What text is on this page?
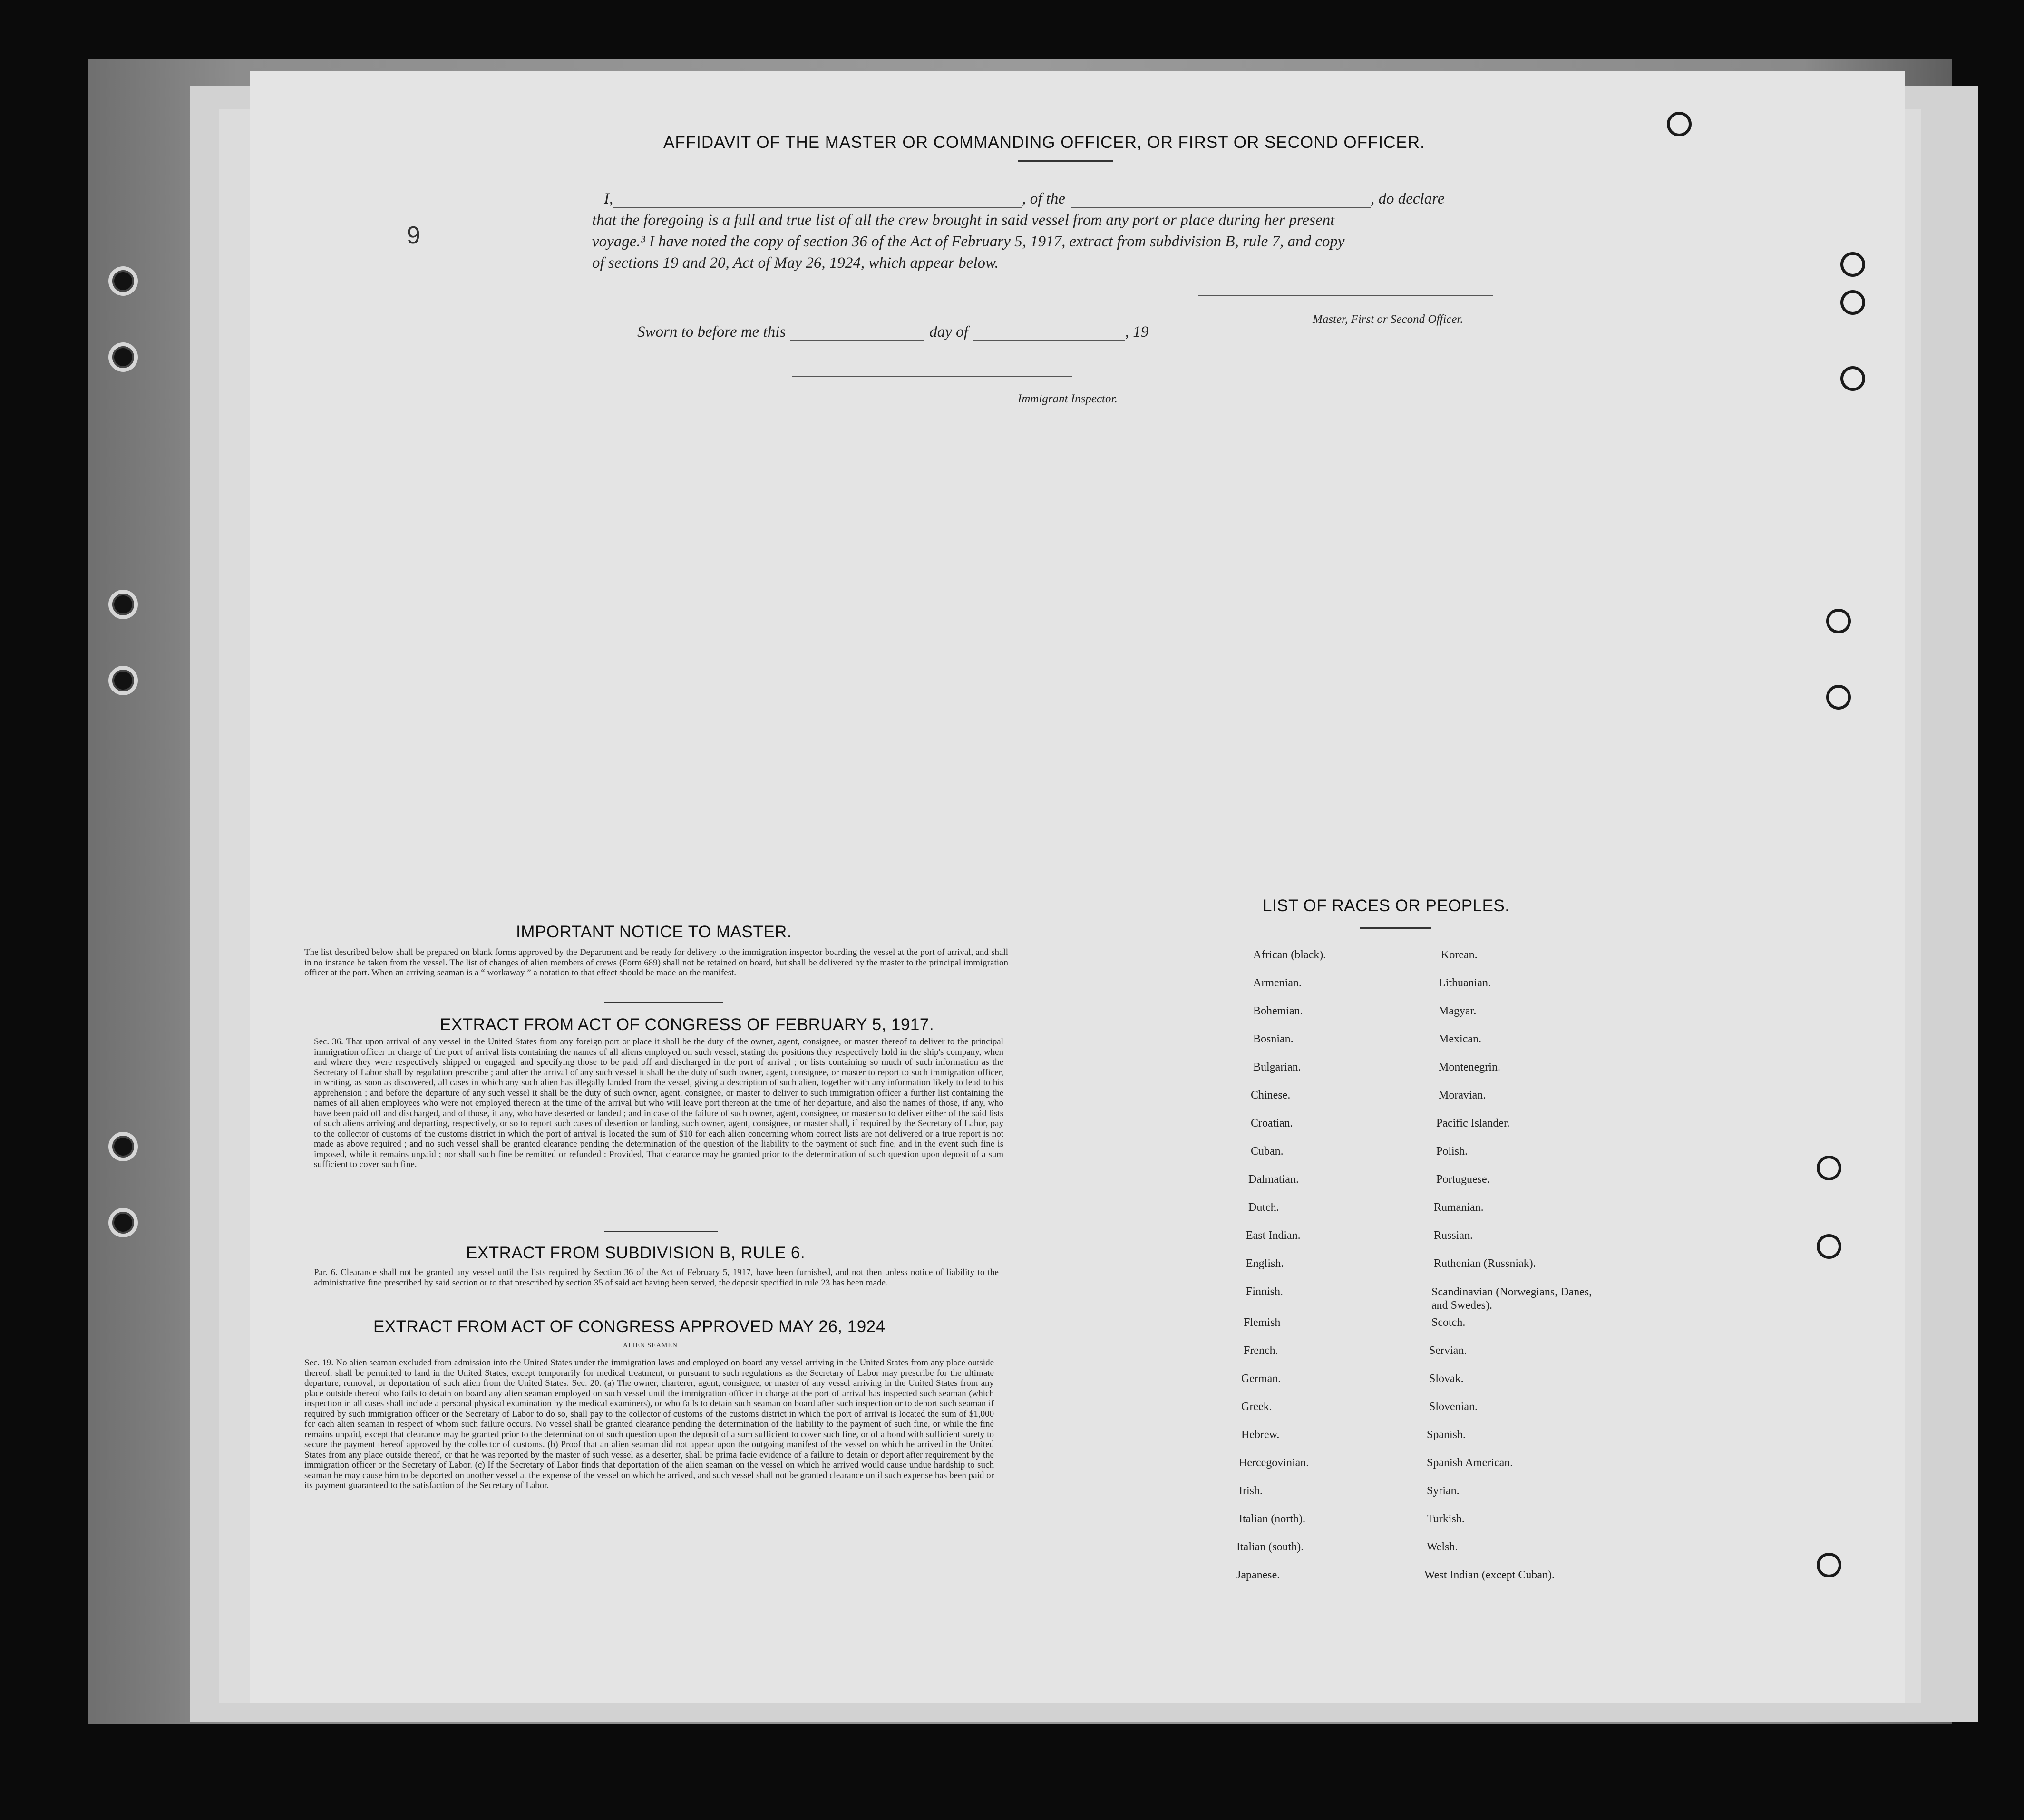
9
AFFIDAVIT OF THE MASTER OR COMMANDING OFFICER, OR FIRST OR SECOND OFFICER.
I,	, of the	, do declare
that the foregoing is a full and true list of all the crew brought in said vessel from any port or place during her present
voyage.³ I have noted the copy of section 36 of the Act of February 5, 1917, extract from subdivision B, rule 7, and copy
of sections 19 and 20, Act of May 26, 1924, which appear below.
Master, First or Second Officer.
Sworn to before me this	day of	, 19
Immigrant Inspector.
IMPORTANT NOTICE TO MASTER.
The list described below shall be prepared on blank forms approved by the Department and be ready for delivery to the immigration inspector boarding the vessel at the port of arrival, and shall in no instance be taken from the vessel. The list of changes of alien members of crews (Form 689) shall not be retained on board, but shall be delivered by the master to the principal immigration officer at the port. When an arriving seaman is a “ workaway ” a notation to that effect should be made on the manifest.
EXTRACT FROM ACT OF CONGRESS OF FEBRUARY 5, 1917.
Sec. 36. That upon arrival of any vessel in the United States from any foreign port or place it shall be the duty of the owner, agent, consignee, or master thereof to deliver to the principal immigration officer in charge of the port of arrival lists containing the names of all aliens employed on such vessel, stating the positions they respectively hold in the ship's company, when and where they were respectively shipped or engaged, and specifying those to be paid off and discharged in the port of arrival ; or lists containing so much of such information as the Secretary of Labor shall by regulation prescribe ; and after the arrival of any such vessel it shall be the duty of such owner, agent, consignee, or master to report to such immigration officer, in writing, as soon as discovered, all cases in which any such alien has illegally landed from the vessel, giving a description of such alien, together with any information likely to lead to his apprehension ; and before the departure of any such vessel it shall be the duty of such owner, agent, consignee, or master to deliver to such immigration officer a further list containing the names of all alien employees who were not employed thereon at the time of the arrival but who will leave port thereon at the time of her departure, and also the names of those, if any, who have been paid off and discharged, and of those, if any, who have deserted or landed ; and in case of the failure of such owner, agent, consignee, or master so to deliver either of the said lists of such aliens arriving and departing, respectively, or so to report such cases of desertion or landing, such owner, agent, consignee, or master shall, if required by the Secretary of Labor, pay to the collector of customs of the customs district in which the port of arrival is located the sum of $10 for each alien concerning whom correct lists are not delivered or a true report is not made as above required ; and no such vessel shall be granted clearance pending the determination of the question of the liability to the payment of such fine, and in the event such fine is imposed, while it remains unpaid ; nor shall such fine be remitted or refunded : Provided, That clearance may be granted prior to the determination of such question upon deposit of a sum sufficient to cover such fine.
EXTRACT FROM SUBDIVISION B, RULE 6.
Par. 6. Clearance shall not be granted any vessel until the lists required by Section 36 of the Act of February 5, 1917, have been furnished, and not then unless notice of liability to the administrative fine prescribed by said section or to that prescribed by section 35 of said act having been served, the deposit specified in rule 23 has been made.
EXTRACT FROM ACT OF CONGRESS APPROVED MAY 26, 1924
ALIEN SEAMEN
Sec. 19. No alien seaman excluded from admission into the United States under the immigration laws and employed on board any vessel arriving in the United States from any place outside thereof, shall be permitted to land in the United States, except temporarily for medical treatment, or pursuant to such regulations as the Secretary of Labor may prescribe for the ultimate departure, removal, or deportation of such alien from the United States. Sec. 20. (a) The owner, charterer, agent, consignee, or master of any vessel arriving in the United States from any place outside thereof who fails to detain on board any alien seaman employed on such vessel until the immigration officer in charge at the port of arrival has inspected such seaman (which inspection in all cases shall include a personal physical examination by the medical examiners), or who fails to detain such seaman on board after such inspection or to deport such seaman if required by such immigration officer or the Secretary of Labor to do so, shall pay to the collector of customs of the customs district in which the port of arrival is located the sum of $1,000 for each alien seaman in respect of whom such failure occurs. No vessel shall be granted clearance pending the determination of the liability to the payment of such fine, or while the fine remains unpaid, except that clearance may be granted prior to the determination of such question upon the deposit of a sum sufficient to cover such fine, or of a bond with sufficient surety to secure the payment thereof approved by the collector of customs. (b) Proof that an alien seaman did not appear upon the outgoing manifest of the vessel on which he arrived in the United States from any place outside thereof, or that he was reported by the master of such vessel as a deserter, shall be prima facie evidence of a failure to detain or deport after requirement by the immigration officer or the Secretary of Labor. (c) If the Secretary of Labor finds that deportation of the alien seaman on the vessel on which he arrived would cause undue hardship to such seaman he may cause him to be deported on another vessel at the expense of the vessel on which he arrived, and such vessel shall not be granted clearance until such expense has been paid or its payment guaranteed to the satisfaction of the Secretary of Labor.
LIST OF RACES OR PEOPLES.
African (black).
Armenian.
Bohemian.
Bosnian.
Bulgarian.
Chinese.
Croatian.
Cuban.
Dalmatian.
Dutch.
East Indian.
English.
Finnish.
Flemish
French.
German.
Greek.
Hebrew.
Hercegovinian.
Irish.
Italian (north).
Italian (south).
Japanese.
Korean.
Lithuanian.
Magyar.
Mexican.
Montenegrin.
Moravian.
Pacific Islander.
Polish.
Portuguese.
Rumanian.
Russian.
Ruthenian (Russniak).
Scandinavian (Norwegians, Danes, and Swedes).
Scotch.
Servian.
Slovak.
Slovenian.
Spanish.
Spanish American.
Syrian.
Turkish.
Welsh.
West Indian (except Cuban).
